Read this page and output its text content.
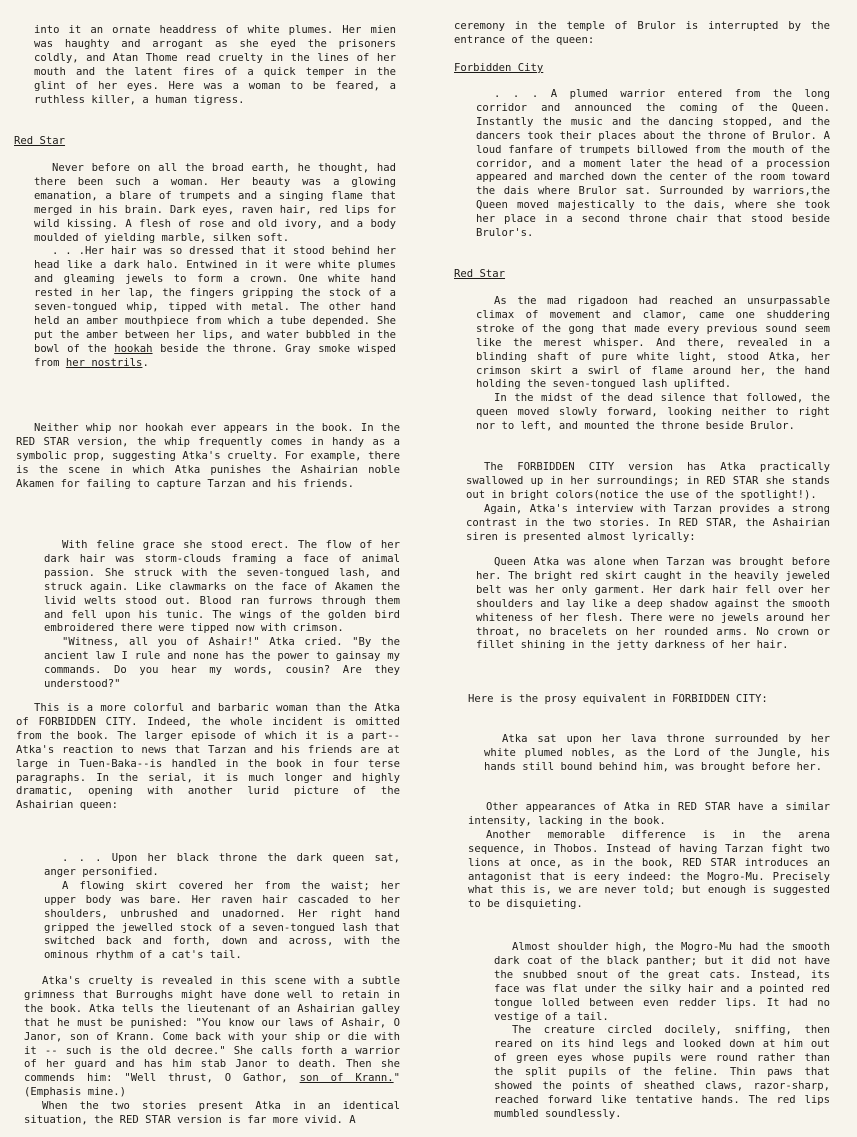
into it an ornate headdress of white plumes. Her mien was haughty and arrogant as she eyed the prisoners coldly, and Atan Thome read cruelty in the lines of her mouth and the latent fires of a quick temper in the glint of her eyes. Here was a woman to be feared, a ruthless killer, a human tigress.

Red Star

Never before on all the broad earth, he thought, had there been such a woman. Her beauty was a glowing emanation, a blare of trumpets and a singing flame that merged in his brain. Dark eyes, raven hair, red lips for wild kissing. A flesh of rose and old ivory, and a body moulded of yielding marble, silken soft.

. . .Her hair was so dressed that it stood behind her head like a dark halo. Entwined in it were white plumes and gleaming jewels to form a crown. One white hand rested in her lap, the fingers gripping the stock of a seven-tongued whip, tipped with metal. The other hand held an amber mouthpiece from which a tube depended. She put the amber between her lips, and water bubbled in the bowl of the hookah beside the throne. Gray smoke wisped from her nostrils.

Neither whip nor hookah ever appears in the book. In the RED STAR version, the whip frequently comes in handy as a symbolic prop, suggesting Atka's cruelty. For example, there is the scene in which Atka punishes the Ashairian noble Akamen for failing to capture Tarzan and his friends.

With feline grace she stood erect. The flow of her dark hair was storm-clouds framing a face of animal passion. She struck with the seven-tongued lash, and struck again. Like clawmarks on the face of Akamen the livid welts stood out. Blood ran furrows through them and fell upon his tunic. The wings of the golden bird embroidered there were tipped now with crimson.

"Witness, all you of Ashair!" Atka cried. "By the ancient law I rule and none has the power to gainsay my commands. Do you hear my words, cousin? Are they understood?"

This is a more colorful and barbaric woman than the Atka of FORBIDDEN CITY. Indeed, the whole incident is omitted from the book. The larger episode of which it is a part--Atka's reaction to news that Tarzan and his friends are at large in Tuen-Baka--is handled in the book in four terse paragraphs. In the serial, it is much longer and highly dramatic, opening with another lurid picture of the Ashairian queen:

. . . Upon her black throne the dark queen sat, anger personified.

A flowing skirt covered her from the waist; her upper body was bare. Her raven hair cascaded to her shoulders, unbrushed and unadorned. Her right hand gripped the jewelled stock of a seven-tongued lash that switched back and forth, down and across, with the ominous rhythm of a cat's tail.

Atka's cruelty is revealed in this scene with a subtle grimness that Burroughs might have done well to retain in the book. Atka tells the lieutenant of an Ashairian galley that he must be punished: "You know our laws of Ashair, O Janor, son of Krann. Come back with your ship or die with it -- such is the old decree." She calls forth a warrior of her guard and has him stab Janor to death. Then she commends him: "Well thrust, O Gathor, son of Krann." (Emphasis mine.)

When the two stories present Atka in an identical situation, the RED STAR version is far more vivid. A

ceremony in the temple of Brulor is interrupted by the entrance of the queen:

Forbidden City

. . . A plumed warrior entered from the long corridor and announced the coming of the Queen. Instantly the music and the dancing stopped, and the dancers took their places about the throne of Brulor. A loud fanfare of trumpets billowed from the mouth of the corridor, and a moment later the head of a procession appeared and marched down the center of the room toward the dais where Brulor sat. Surrounded by warriors,the Queen moved majestically to the dais, where she took her place in a second throne chair that stood beside Brulor's.

Red Star

As the mad rigadoon had reached an unsurpassable climax of movement and clamor, came one shuddering stroke of the gong that made every previous sound seem like the merest whisper. And there, revealed in a blinding shaft of pure white light, stood Atka, her crimson skirt a swirl of flame around her, the hand holding the seven-tongued lash uplifted.

In the midst of the dead silence that followed, the queen moved slowly forward, looking neither to right nor to left, and mounted the throne beside Brulor.

The FORBIDDEN CITY version has Atka practically swallowed up in her surroundings; in RED STAR she stands out in bright colors(notice the use of the spotlight!).

Again, Atka's interview with Tarzan provides a strong contrast in the two stories. In RED STAR, the Ashairian siren is presented almost lyrically:

Queen Atka was alone when Tarzan was brought before her. The bright red skirt caught in the heavily jeweled belt was her only garment. Her dark hair fell over her shoulders and lay like a deep shadow against the smooth whiteness of her flesh. There were no jewels around her throat, no bracelets on her rounded arms. No crown or fillet shining in the jetty darkness of her hair.

Here is the prosy equivalent in FORBIDDEN CITY:

Atka sat upon her lava throne surrounded by her white plumed nobles, as the Lord of the Jungle, his hands still bound behind him, was brought before her.

Other appearances of Atka in RED STAR have a similar intensity, lacking in the book.

Another memorable difference is in the arena sequence, in Thobos. Instead of having Tarzan fight two lions at once, as in the book, RED STAR introduces an antagonist that is eery indeed: the Mogro-Mu. Precisely what this is, we are never told; but enough is suggested to be disquieting.

Almost shoulder high, the Mogro-Mu had the smooth dark coat of the black panther; but it did not have the snubbed snout of the great cats. Instead, its face was flat under the silky hair and a pointed red tongue lolled between even redder lips. It had no vestige of a tail.

The creature circled docilely, sniffing, then reared on its hind legs and looked down at him out of green eyes whose pupils were round rather than the split pupils of the feline. Thin paws that showed the points of sheathed claws, razor-sharp, reached forward like tentative hands. The red lips mumbled soundlessly.
